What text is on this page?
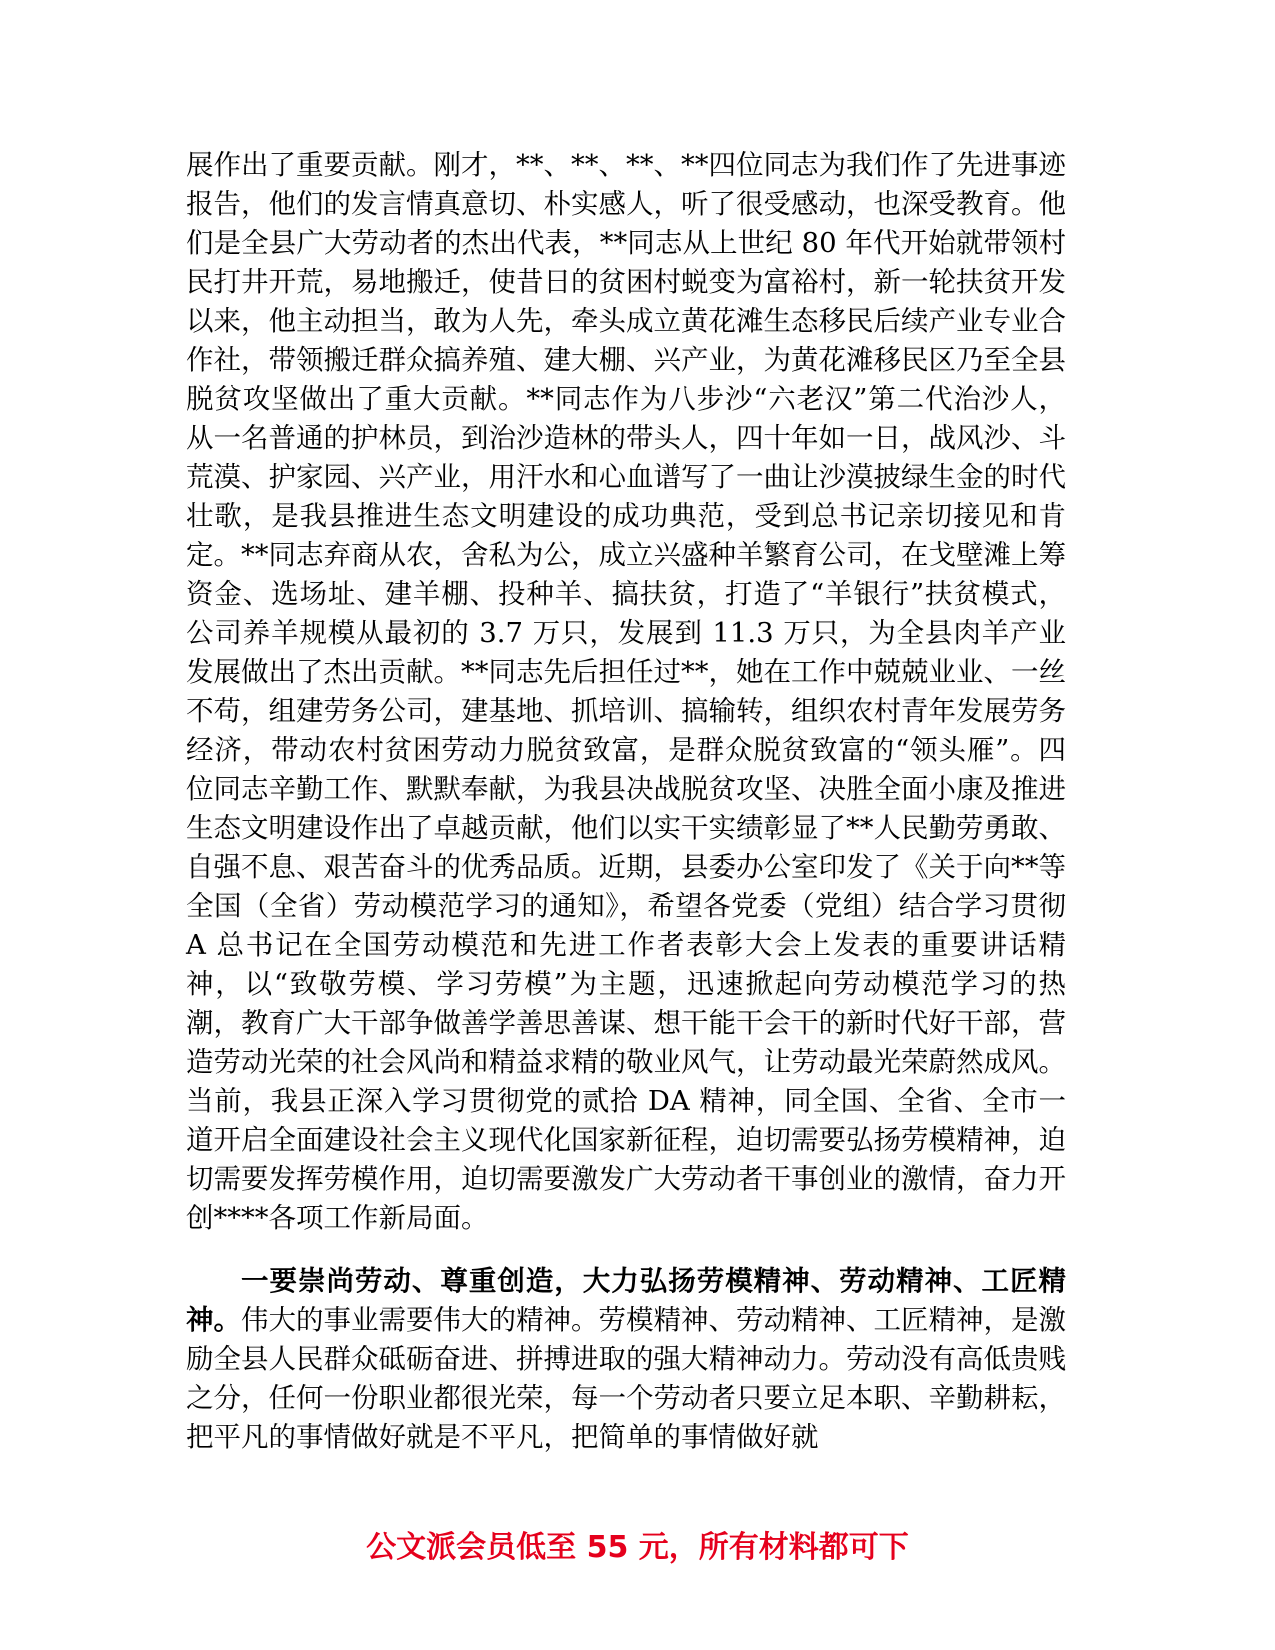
展作出了重要贡献。刚才，**、**、**、**四位同志为我们作了先进事迹报告，他们的发言情真意切、朴实感人，听了很受感动，也深受教育。他们是全县广大劳动者的杰出代表，**同志从上世纪 80 年代开始就带领村民打井开荒，易地搬迁，使昔日的贫困村蜕变为富裕村，新一轮扶贫开发以来，他主动担当，敢为人先，牵头成立黄花滩生态移民后续产业专业合作社，带领搬迁群众搞养殖、建大棚、兴产业，为黄花滩移民区乃至全县脱贫攻坚做出了重大贡献。**同志作为八步沙“六老汉”第二代治沙人，从一名普通的护林员，到治沙造林的带头人，四十年如一日，战风沙、斗荒漠、护家园、兴产业，用汗水和心血谱写了一曲让沙漠披绿生金的时代壮歌，是我县推进生态文明建设的成功典范，受到总书记亲切接见和肯定。**同志弃商从农，舍私为公，成立兴盛种羊繁育公司，在戈壁滩上筹资金、选场址、建羊棚、投种羊、搞扶贫，打造了“羊银行”扶贫模式，公司养羊规模从最初的 3.7 万只，发展到 11.3 万只，为全县肉羊产业发展做出了杰出贡献。**同志先后担任过**，她在工作中兢兢业业、一丝不苟，组建劳务公司，建基地、抓培训、搞输转，组织农村青年发展劳务经济，带动农村贫困劳动力脱贫致富，是群众脱贫致富的“领头雁”。四位同志辛勤工作、默默奉献，为我县决战脱贫攻坚、决胜全面小康及推进生态文明建设作出了卓越贡献，他们以实干实绩彰显了**人民勤劳勇敢、自强不息、艰苦奋斗的优秀品质。近期，县委办公室印发了《关于向**等全国（全省）劳动模范学习的通知》，希望各党委（党组）结合学习贯彻 A 总书记在全国劳动模范和先进工作者表彰大会上发表的重要讲话精神，以“致敬劳模、学习劳模”为主题，迅速掀起向劳动模范学习的热潮，教育广大干部争做善学善思善谋、想干能干会干的新时代好干部，营造劳动光荣的社会风尚和精益求精的敬业风气，让劳动最光荣蔚然成风。当前，我县正深入学习贯彻党的贰拾 DA 精神，同全国、全省、全市一道开启全面建设社会主义现代化国家新征程，迫切需要弘扬劳模精神，迫切需要发挥劳模作用，迫切需要激发广大劳动者干事创业的激情，奋力开创****各项工作新局面。

一要崇尚劳动、尊重创造，大力弘扬劳模精神、劳动精神、工匠精神。伟大的事业需要伟大的精神。劳模精神、劳动精神、工匠精神，是激励全县人民群众砥砺奋进、拼搏进取的强大精神动力。劳动没有高低贵贱之分，任何一份职业都很光荣，每一个劳动者只要立足本职、辛勤耕耘，把平凡的事情做好就是不平凡，把简单的事情做好就

公文派会员低至 55 元，所有材料都可下
